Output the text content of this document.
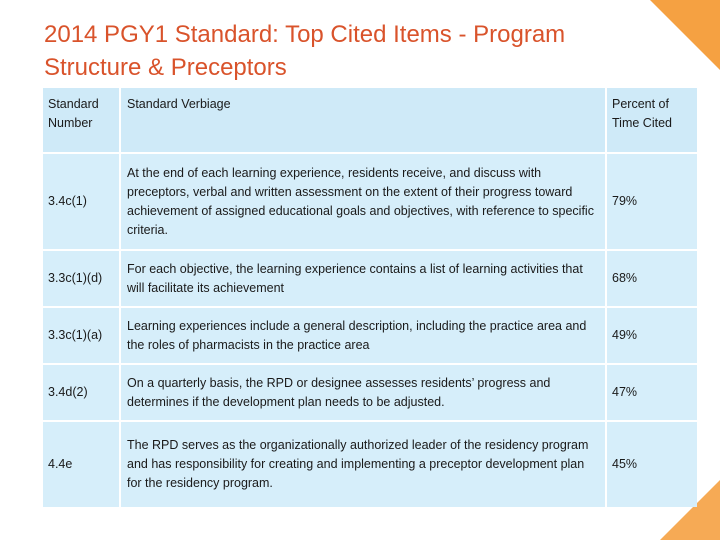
2014 PGY1 Standard: Top Cited Items - Program Structure & Preceptors
Standard Number	Standard Verbiage	Percent of Time Cited
3.4c(1)	At the end of each learning experience, residents receive, and discuss with preceptors, verbal and written assessment on the extent of their progress toward achievement of assigned educational goals and objectives, with reference to specific criteria.	79%
3.3c(1)(d)	For each objective, the learning experience contains a list of learning activities that will facilitate its achievement	68%
3.3c(1)(a)	Learning experiences include a general description, including the practice area and the roles of pharmacists in the practice area	49%
3.4d(2)	On a quarterly basis, the RPD or designee assesses residents’ progress and determines if the development plan needs to be adjusted.	47%
4.4e	The RPD serves as the organizationally authorized leader of the residency program and has responsibility for creating and implementing a preceptor development plan for the residency program.	45%
